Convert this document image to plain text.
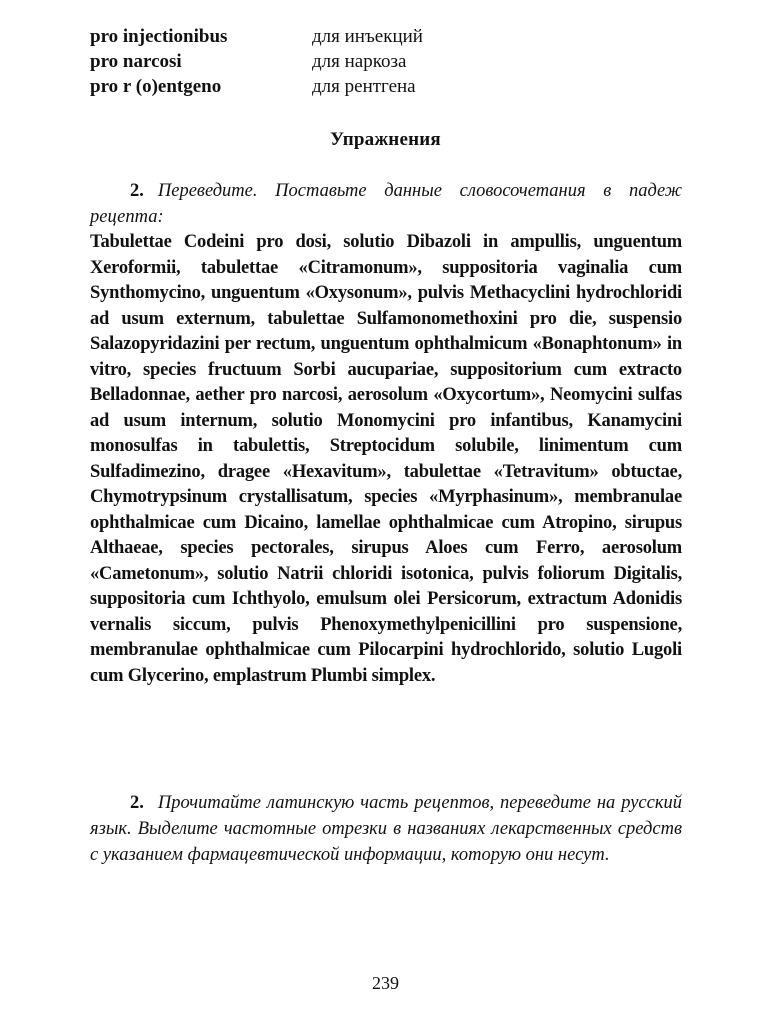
pro injectionibus	для инъекций
pro narcosi	для наркоза
pro r (o)entgeno	для рентгена
Упражнения

2. Переведите. Поставьте данные словосочетания в падеж рецепта:

Tabulettae Codeini pro dosi, solutio Dibazoli in ampullis, unguentum Xeroformii, tabulettae «Citramonum», suppositoria vaginalia cum Synthomycino, unguentum «Oxysonum», pulvis Methacyclini hydrochloridi ad usum externum, tabulettae Sulfamonomethoxini pro die, suspensio Salazopyridazini per rectum, unguentum ophthalmicum «Bonaphtonum» in vitro, species fructuum Sorbi aucupariae, suppositorium cum extracto Belladonnae, aether pro narcosi, aerosolum «Oxycortum», Neomycini sulfas ad usum internum, solutio Monomycini pro infantibus, Kanamycini monosulfas in tabulettis, Streptocidum solubile, linimentum cum Sulfadimezino, dragee «Hexavitum», tabulettae «Tetravitum» obtuctae, Chymotrypsinum crystallisatum, species «Myrphasinum», membranulae ophthalmicae cum Dicaino, lamellae ophthalmicae cum Atropino, sirupus Althaeae, species pectorales, sirupus Aloes cum Ferro, aerosolum «Cametonum», solutio Natrii chloridi isotonica, pulvis foliorum Digitalis, suppositoria cum Ichthyolo, emulsum olei Persicorum, extractum Adonidis vernalis siccum, pulvis Phenoxymethylpenicillini pro suspensione, membranulae ophthalmicae cum Pilocarpini hydrochlorido, solutio Lugoli cum Glycerino, emplastrum Plumbi simplex.

2. Прочитайте латинскую часть рецептов, переведите на русский язык. Выделите частотные отрезки в названиях лекарственных средств с указанием фармацевтической информации, которую они несут.

239
